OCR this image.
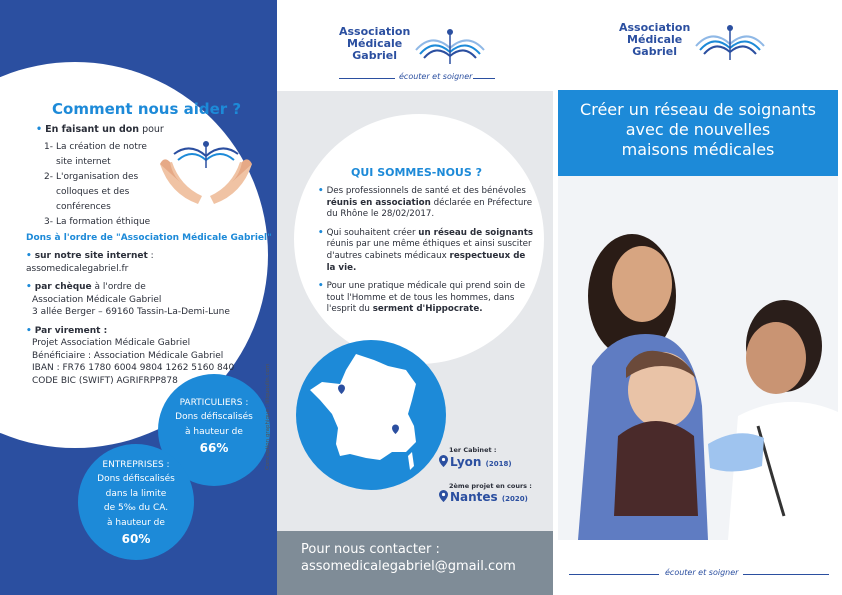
Comment nous aider ?
• En faisant un don pour
1- La création de notre site internet
2- L'organisation des colloques et des conférences
3- La formation éthique
Dons à l'ordre de "Association Médicale Gabriel"
• sur notre site internet : assomedicalegabriel.fr
• par chèque à l'ordre de
Association Médicale Gabriel
3 allée Berger – 69160 Tassin-La-Demi-Lune
• Par virement :
Projet Association Médicale Gabriel
Bénéficiaire : Association Médicale Gabriel
IBAN : FR76 1780 6004 9804 1262 5160 840
CODE BIC (SWIFT) AGRIFRPP878
PARTICULIERS :
Dons défiscalisés
à hauteur de
66%
ENTREPRISES :
Dons défiscalisés
dans la limite
de 5‰ du CA.
à hauteur de
60%
Association
Médicale
Gabriel
écouter et soigner
QUI SOMMES-NOUS ?
• Des professionnels de santé et des bénévoles réunis en association déclarée en Préfecture du Rhône le 28/02/2017.
• Qui souhaitent créer un réseau de soignants réunis par une même éthiques et ainsi susciter d'autres cabinets médicaux respectueux de la vie.
• Pour une pratique médicale qui prend soin de tout l'Homme et de tous les hommes, dans l'esprit du serment d'Hippocrate.
Conception graphique : liliquoulin.com	1er Cabinet :
Lyon (2018)
2ème projet en cours :
Nantes (2020)
Pour nous contacter :
assomedicalegabriel@gmail.com
Association
Médicale
Gabriel
Créer un réseau de soignants
avec de nouvelles
maisons médicales
écouter et soigner
